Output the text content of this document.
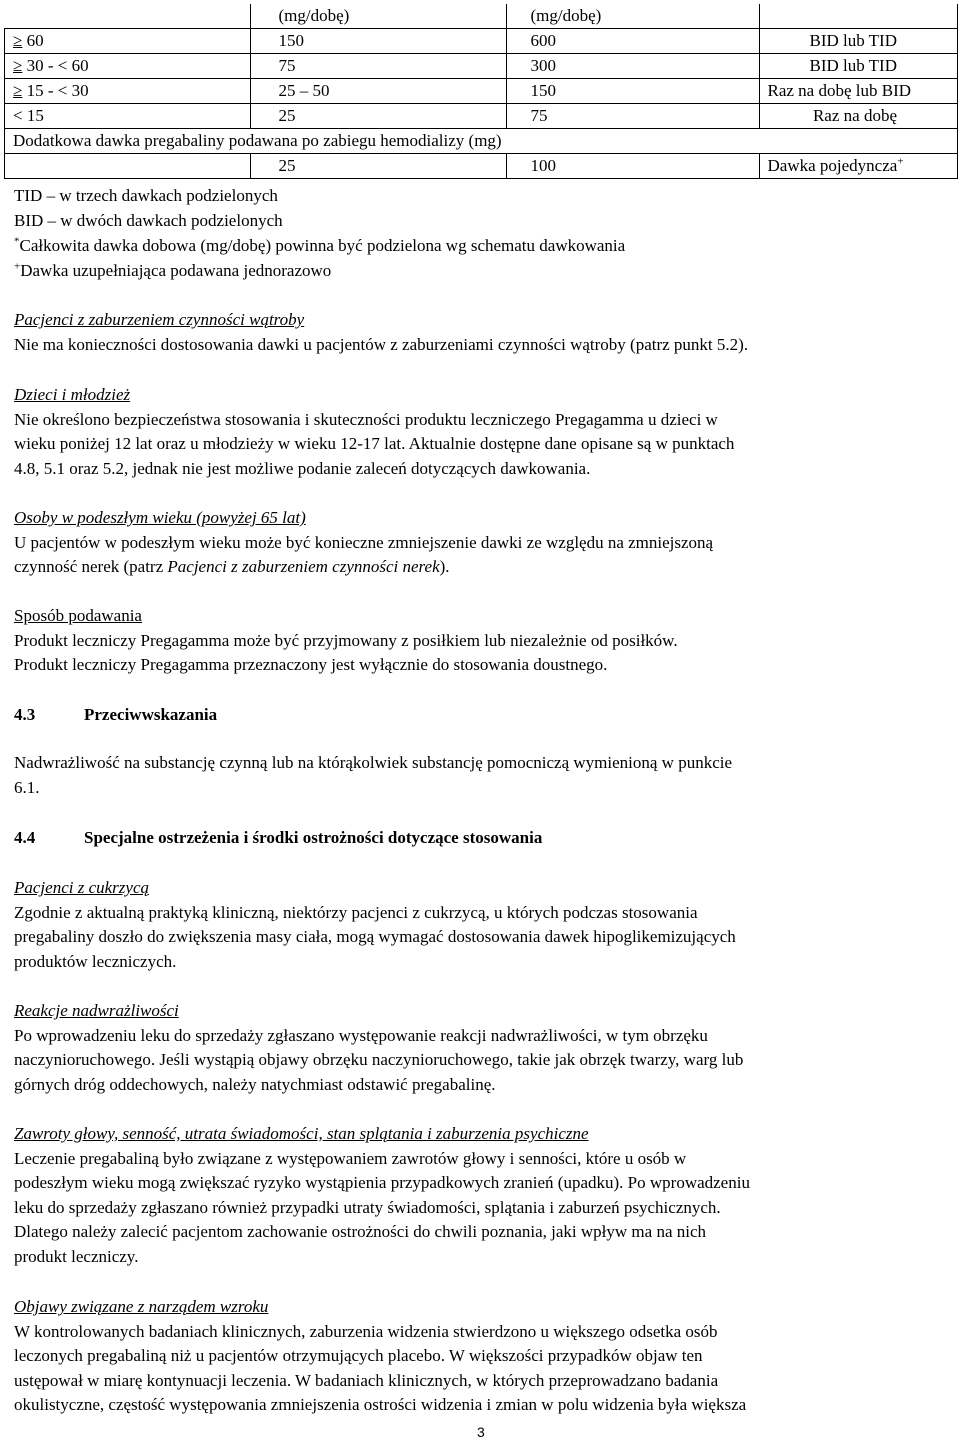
	(mg/dobę)	(mg/dobę)	
≥ 60	150	600	BID lub TID
≥ 30 - < 60	75	300	BID lub TID
≥ 15 - < 30	25 – 50	150	Raz na dobę lub BID
< 15	25	75	Raz na dobę
Dodatkowa dawka pregabaliny podawana po zabiegu hemodializy (mg)			
	25	100	Dawka pojedyncza+
TID – w trzech dawkach podzielonych
BID – w dwóch dawkach podzielonych
*Całkowita dawka dobowa (mg/dobę) powinna być podzielona wg schematu dawkowania
+Dawka uzupełniająca podawana jednorazowo
Pacjenci z zaburzeniem czynności wątroby
Nie ma konieczności dostosowania dawki u pacjentów z zaburzeniami czynności wątroby (patrz punkt 5.2).
Dzieci i młodzież
Nie określono bezpieczeństwa stosowania i skuteczności produktu leczniczego Pregagamma u dzieci w
wieku poniżej 12 lat oraz u młodzieży w wieku 12-17 lat. Aktualnie dostępne dane opisane są w punktach
4.8, 5.1 oraz 5.2, jednak nie jest możliwe podanie zaleceń dotyczących dawkowania.
Osoby w podeszłym wieku (powyżej 65 lat)
U pacjentów w podeszłym wieku może być konieczne zmniejszenie dawki ze względu na zmniejszoną
czynność nerek (patrz Pacjenci z zaburzeniem czynności nerek).
Sposób podawania
Produkt leczniczy Pregagamma może być przyjmowany z posiłkiem lub niezależnie od posiłków.
Produkt leczniczy Pregagamma przeznaczony jest wyłącznie do stosowania doustnego.
4.3	Przeciwwskazania
Nadwrażliwość na substancję czynną lub na którąkolwiek substancję pomocniczą wymienioną w punkcie
6.1.
4.4	Specjalne ostrzeżenia i środki ostrożności dotyczące stosowania
Pacjenci z cukrzycą
Zgodnie z aktualną praktyką kliniczną, niektórzy pacjenci z cukrzycą, u których podczas stosowania
pregabaliny doszło do zwiększenia masy ciała, mogą wymagać dostosowania dawek hipoglikemizujących
produktów leczniczych.
Reakcje nadwrażliwości
Po wprowadzeniu leku do sprzedaży zgłaszano występowanie reakcji nadwrażliwości, w tym obrzęku
naczynioruchowego. Jeśli wystąpią objawy obrzęku naczynioruchowego, takie jak obrzęk twarzy, warg lub
górnych dróg oddechowych, należy natychmiast odstawić pregabalinę.
Zawroty głowy, senność, utrata świadomości, stan splątania i zaburzenia psychiczne
Leczenie pregabaliną było związane z występowaniem zawrotów głowy i senności, które u osób w
podeszłym wieku mogą zwiększać ryzyko wystąpienia przypadkowych zranień (upadku). Po wprowadzeniu
leku do sprzedaży zgłaszano również przypadki utraty świadomości, splątania i zaburzeń psychicznych.
Dlatego należy zalecić pacjentom zachowanie ostrożności do chwili poznania, jaki wpływ ma na nich
produkt leczniczy.
Objawy związane z narządem wzroku
W kontrolowanych badaniach klinicznych, zaburzenia widzenia stwierdzono u większego odsetka osób
leczonych pregabaliną niż u pacjentów otrzymujących placebo. W większości przypadków objaw ten
ustępował w miarę kontynuacji leczenia. W badaniach klinicznych, w których przeprowadzano badania
okulistyczne, częstość występowania zmniejszenia ostrości widzenia i zmian w polu widzenia była większa
3
